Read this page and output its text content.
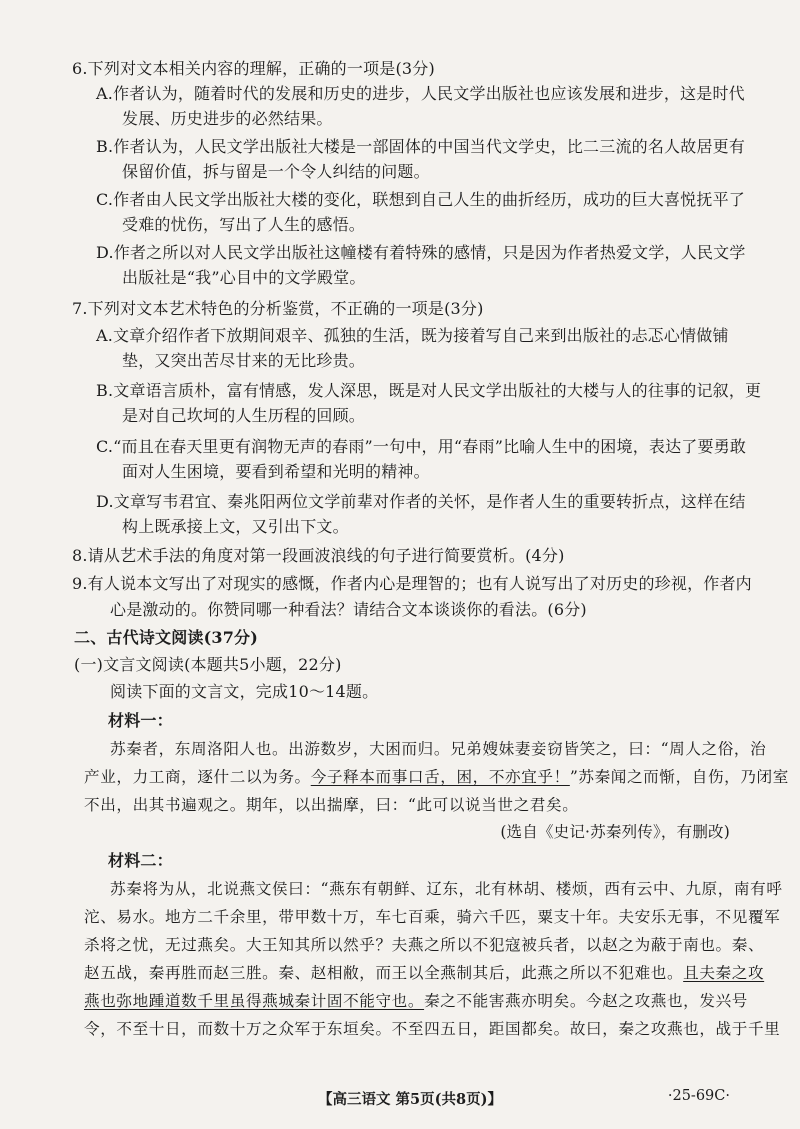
6.下列对文本相关内容的理解，正确的一项是(3分)
A.作者认为，随着时代的发展和历史的进步，人民文学出版社也应该发展和进步，这是时代
发展、历史进步的必然结果。
B.作者认为，人民文学出版社大楼是一部固体的中国当代文学史，比二三流的名人故居更有
保留价值，拆与留是一个令人纠结的问题。
C.作者由人民文学出版社大楼的变化，联想到自己人生的曲折经历，成功的巨大喜悦抚平了
受难的忧伤，写出了人生的感悟。
D.作者之所以对人民文学出版社这幢楼有着特殊的感情，只是因为作者热爱文学，人民文学
出版社是“我”心目中的文学殿堂。
7.下列对文本艺术特色的分析鉴赏，不正确的一项是(3分)
A.文章介绍作者下放期间艰辛、孤独的生活，既为接着写自己来到出版社的忐忑心情做铺
垫，又突出苦尽甘来的无比珍贵。
B.文章语言质朴，富有情感，发人深思，既是对人民文学出版社的大楼与人的往事的记叙，更
是对自己坎坷的人生历程的回顾。
C.“而且在春天里更有润物无声的春雨”一句中，用“春雨”比喻人生中的困境，表达了要勇敢
面对人生困境，要看到希望和光明的精神。
D.文章写韦君宜、秦兆阳两位文学前辈对作者的关怀，是作者人生的重要转折点，这样在结
构上既承接上文，又引出下文。
8.请从艺术手法的角度对第一段画波浪线的句子进行简要赏析。(4分)
9.有人说本文写出了对现实的感慨，作者内心是理智的；也有人说写出了对历史的珍视，作者内
心是激动的。你赞同哪一种看法？请结合文本谈谈你的看法。(6分)
二、古代诗文阅读(37分)
(一)文言文阅读(本题共5小题，22分)
阅读下面的文言文，完成10～14题。
材料一：
苏秦者，东周洛阳人也。出游数岁，大困而归。兄弟嫂妹妻妾窃皆笑之，曰：“周人之俗，治
产业，力工商，逐什二以为务。今子释本而事口舌，困，不亦宜乎！”苏秦闻之而惭，自伤，乃闭室
不出，出其书遍观之。期年，以出揣摩，曰：“此可以说当世之君矣。
(选自《史记·苏秦列传》，有删改)
材料二：
苏秦将为从，北说燕文侯曰：“燕东有朝鲜、辽东，北有林胡、楼烦，西有云中、九原，南有呼
沱、易水。地方二千余里，带甲数十万，车七百乘，骑六千匹，粟支十年。夫安乐无事，不见覆军
杀将之忧，无过燕矣。大王知其所以然乎？夫燕之所以不犯寇被兵者，以赵之为蔽于南也。秦、
赵五战，秦再胜而赵三胜。秦、赵相敝，而王以全燕制其后，此燕之所以不犯难也。且夫秦之攻
燕也弥地踵道数千里虽得燕城秦计固不能守也。秦之不能害燕亦明矣。今赵之攻燕也，发兴号
令，不至十日，而数十万之众军于东垣矣。不至四五日，距国都矣。故曰，秦之攻燕也，战于千里
【高三语文 第5页(共8页)】	·25-69C·
